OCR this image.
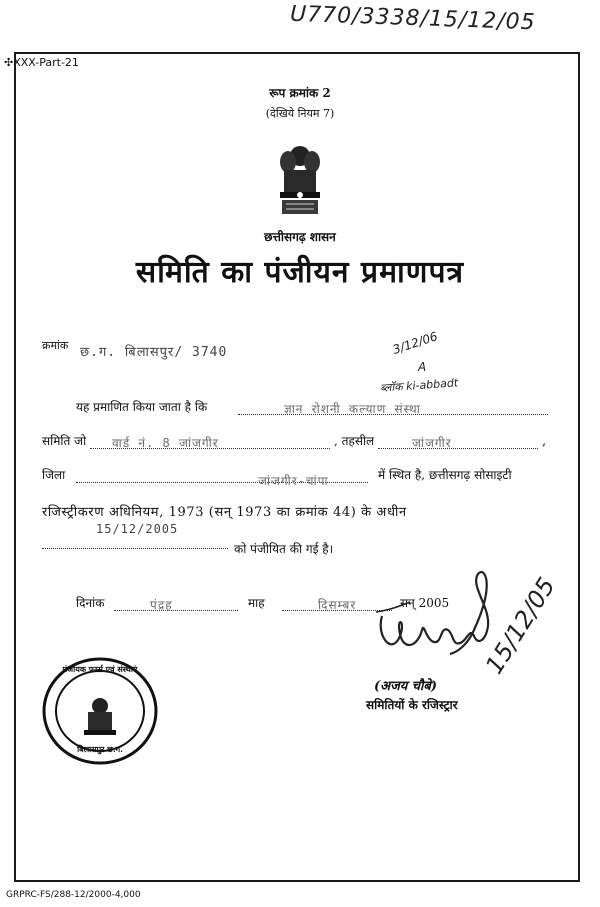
U770/3338/15/12/05
✣XXX-Part-21
रूप क्रमांक 2
(देखिये नियम 7)
छत्तीसगढ़ शासन
समिति का पंजीयन प्रमाणपत्र
क्रमांक छ.ग. बिलासपुर/ 3740	3/12/06
A
ब्लॉक ki-abbadt
यह प्रमाणित किया जाता है कि	ज्ञान रोशनी कल्याण संस्था
समिति जो वार्ड नं. 8 जांजगीर	, तहसील	जांजगीर	,
जिला	जांजगीर-चांपा	में स्थित है, छत्तीसगढ़ सोसाइटी
रजिस्ट्रीकरण अधिनियम, 1973 (सन् 1973 का क्रमांक 44) के अधीन
15/12/2005
को पंजीयित की गई है।
दिनांक	पंद्रह	माह	दिसम्बर	सन् 2005
(अजय चौबे)
समितियों के रजिस्ट्रार
15/12/05
पंजीयक फर्म्स एवं संस्थाएं
बिलासपुर छ.ग.
GRPRC-FS/288-12/2000-4,000
